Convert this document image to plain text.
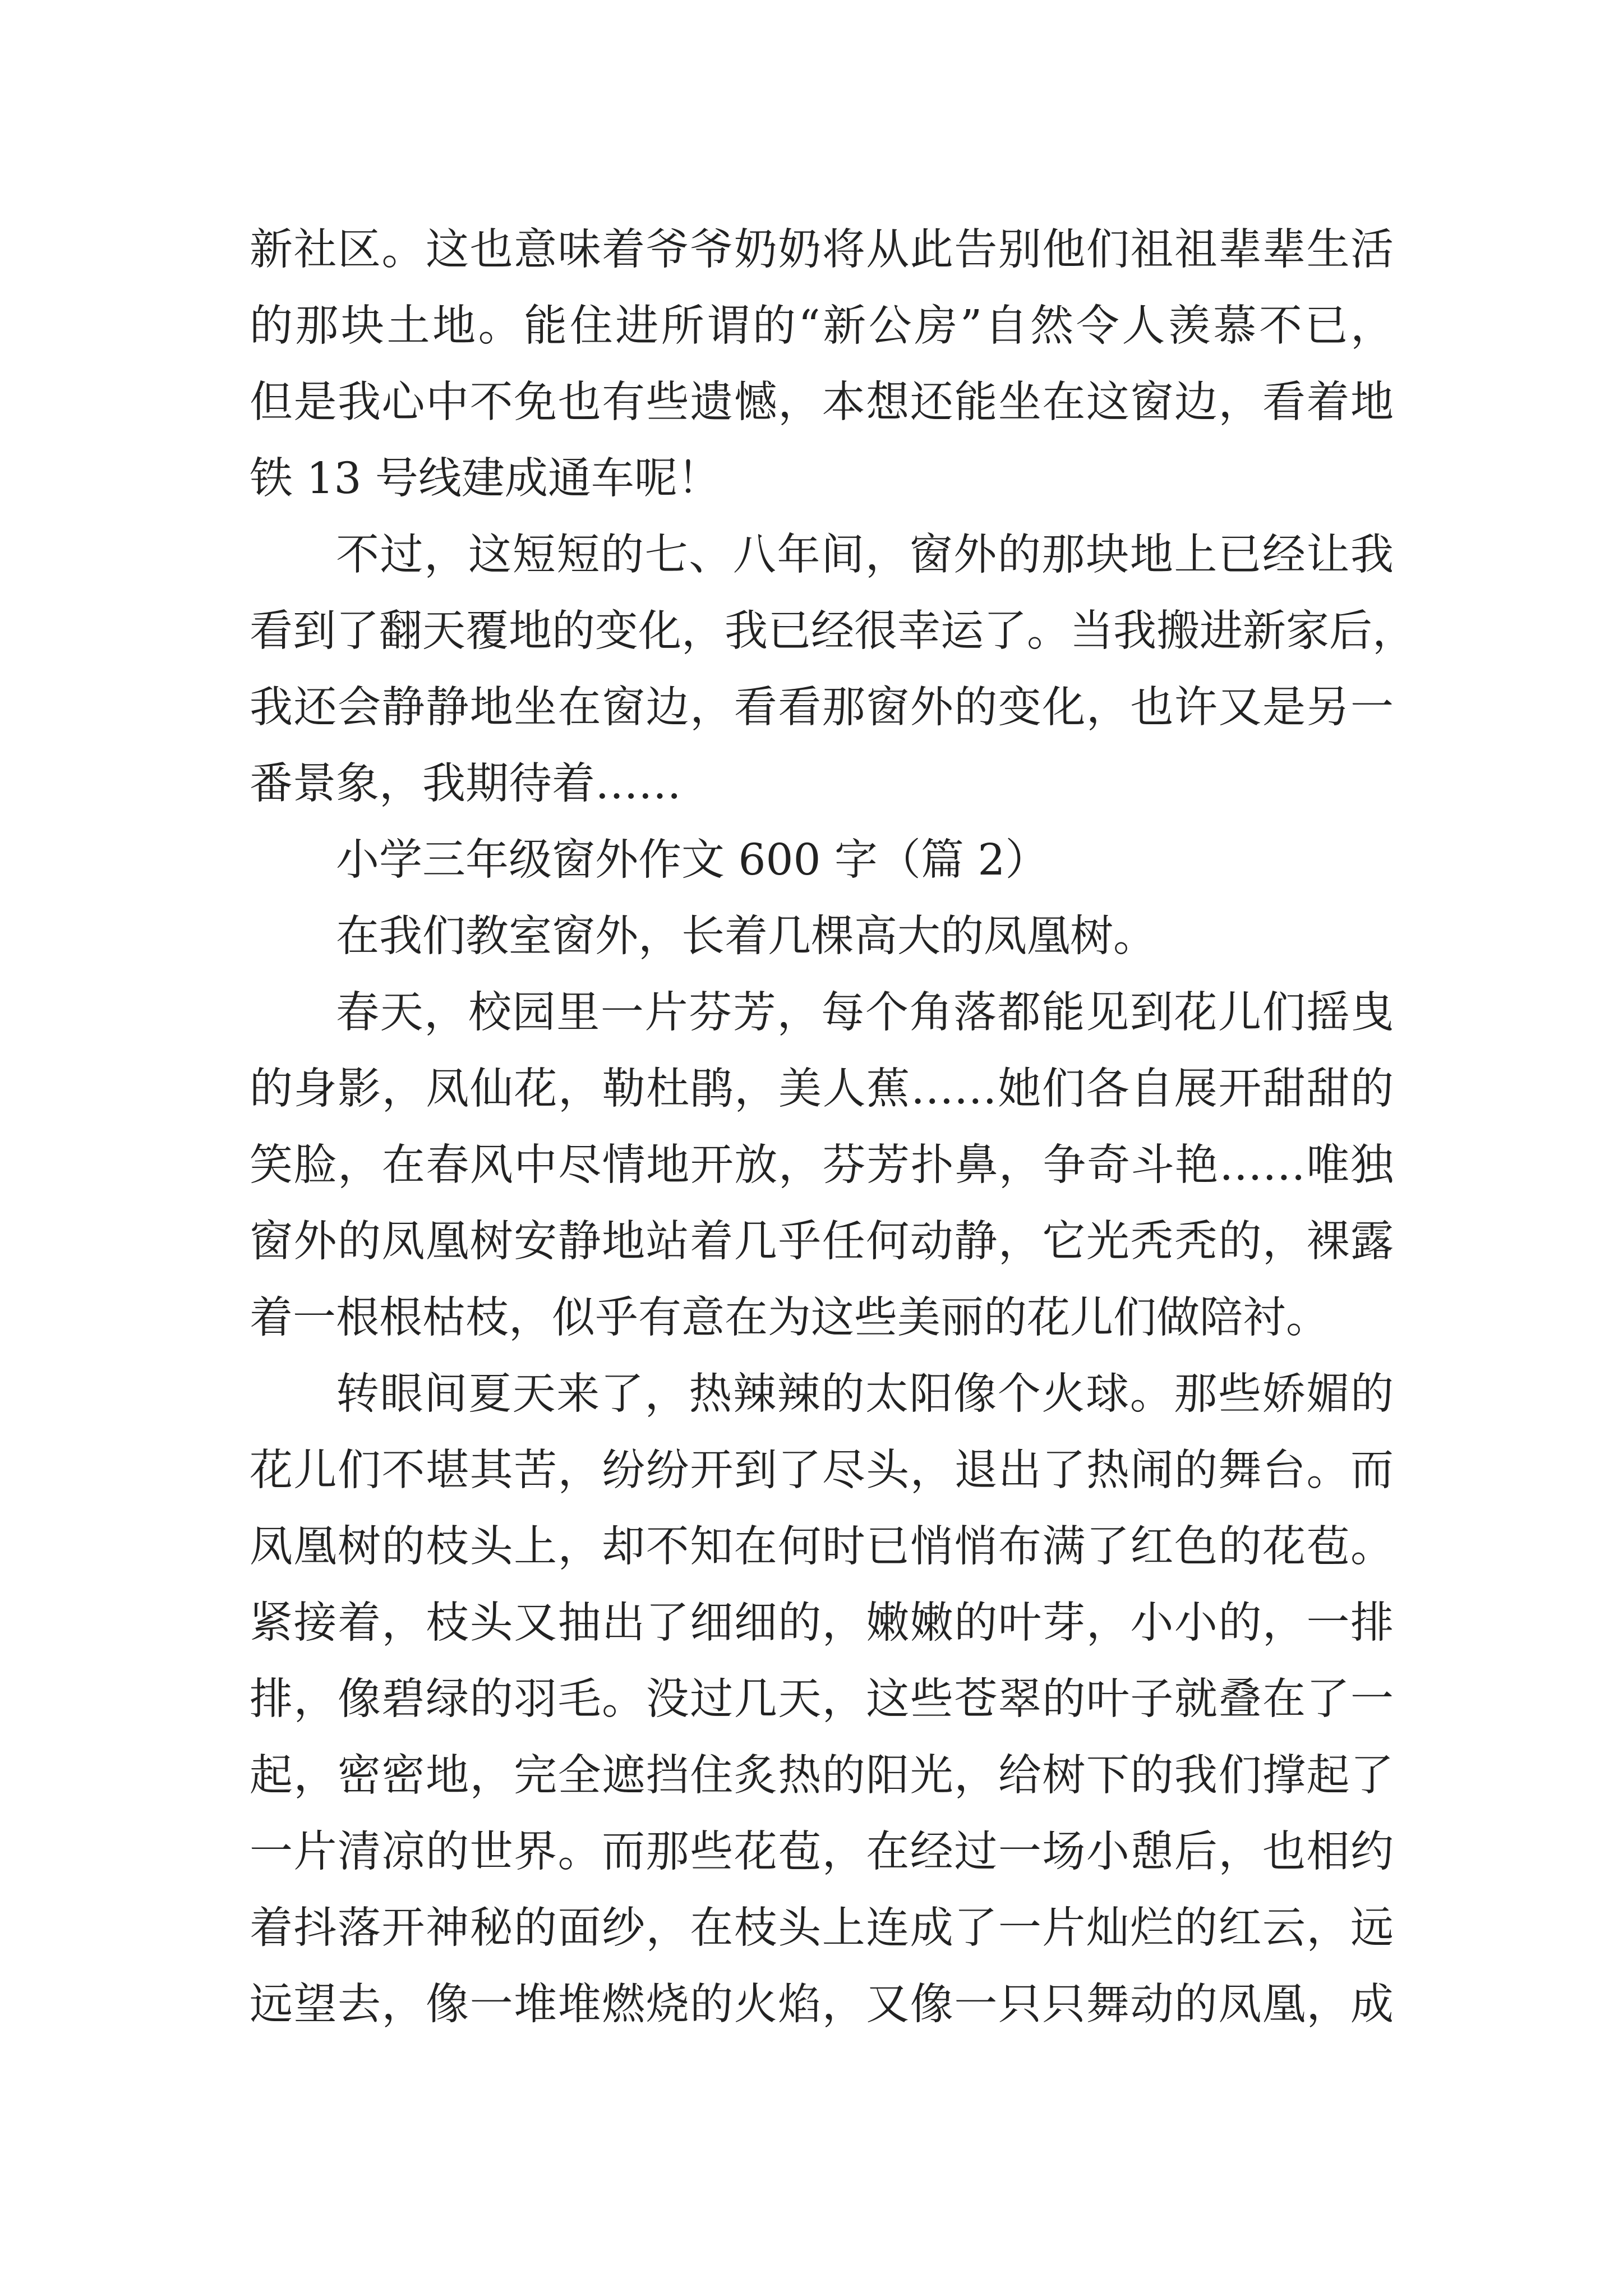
新社区。这也意味着爷爷奶奶将从此告别他们祖祖辈辈生活
的那块土地。能住进所谓的“新公房”自然令人羡慕不已，
但是我心中不免也有些遗憾，本想还能坐在这窗边，看着地
铁 13 号线建成通车呢！
不过，这短短的七、八年间，窗外的那块地上已经让我
看到了翻天覆地的变化，我已经很幸运了。当我搬进新家后，
我还会静静地坐在窗边，看看那窗外的变化，也许又是另一
番景象，我期待着……
小学三年级窗外作文 600 字（篇 2）
在我们教室窗外，长着几棵高大的凤凰树。
春天，校园里一片芬芳，每个角落都能见到花儿们摇曳
的身影，凤仙花，勒杜鹃，美人蕉……她们各自展开甜甜的
笑脸，在春风中尽情地开放，芬芳扑鼻，争奇斗艳……唯独
窗外的凤凰树安静地站着几乎任何动静，它光秃秃的，裸露
着一根根枯枝，似乎有意在为这些美丽的花儿们做陪衬。
转眼间夏天来了，热辣辣的太阳像个火球。那些娇媚的
花儿们不堪其苦，纷纷开到了尽头，退出了热闹的舞台。而
凤凰树的枝头上，却不知在何时已悄悄布满了红色的花苞。
紧接着，枝头又抽出了细细的，嫩嫩的叶芽，小小的，一排
排，像碧绿的羽毛。没过几天，这些苍翠的叶子就叠在了一
起，密密地，完全遮挡住炙热的阳光，给树下的我们撑起了
一片清凉的世界。而那些花苞，在经过一场小憩后，也相约
着抖落开神秘的面纱，在枝头上连成了一片灿烂的红云，远
远望去，像一堆堆燃烧的火焰，又像一只只舞动的凤凰，成
